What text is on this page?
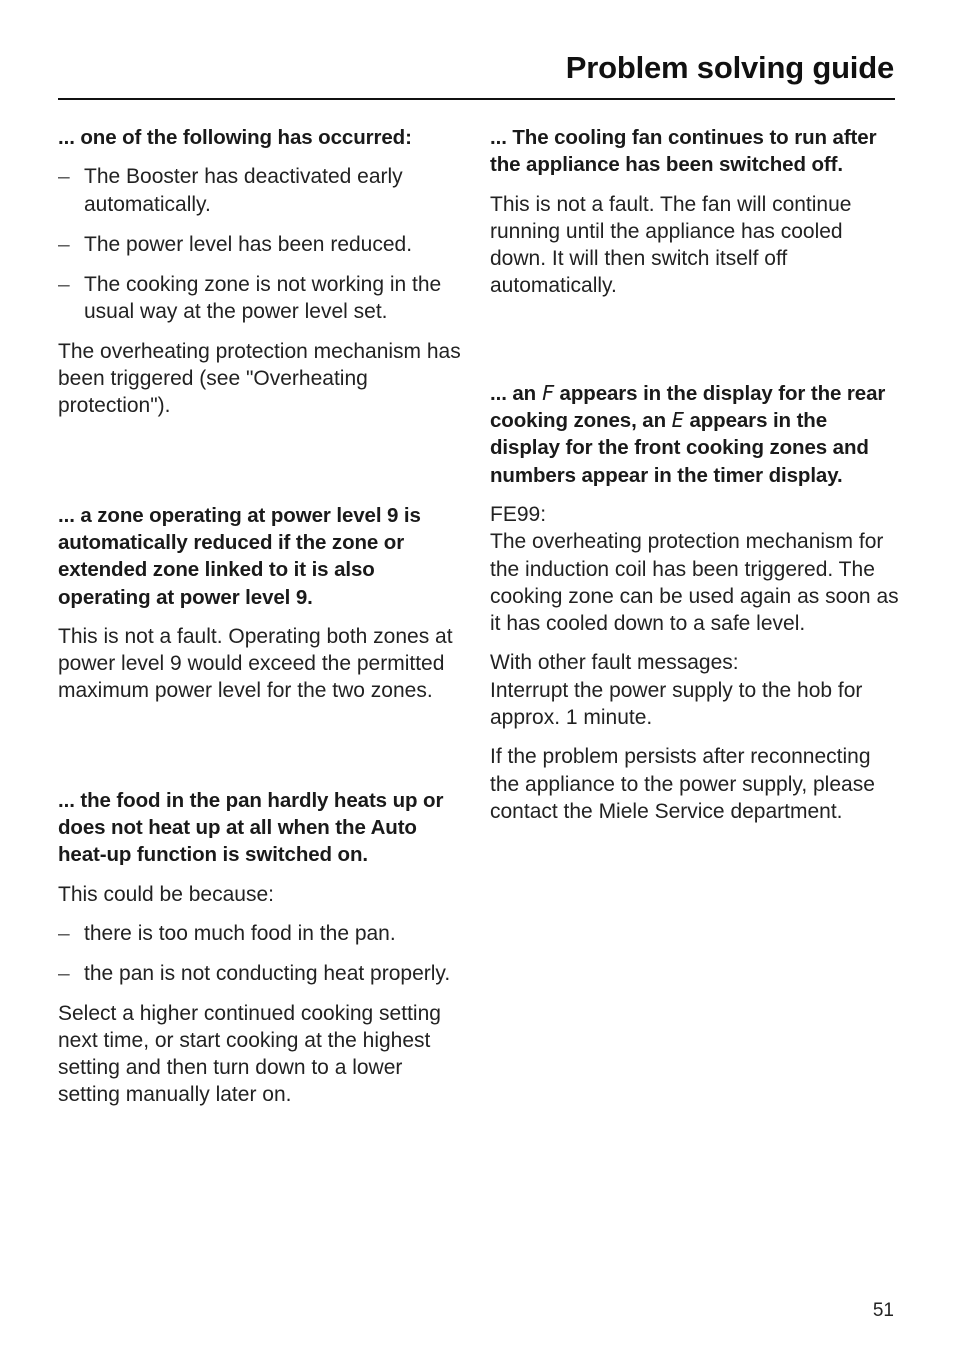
Problem solving guide

... one of the following has occurred:

– The Booster has deactivated early automatically.
– The power level has been reduced.
– The cooking zone is not working in the usual way at the power level set.

The overheating protection mechanism has been triggered (see "Overheating protection").

... a zone operating at power level 9 is automatically reduced if the zone or extended zone linked to it is also operating at power level 9.

This is not a fault. Operating both zones at power level 9 would exceed the permitted maximum power level for the two zones.

... the food in the pan hardly heats up or does not heat up at all when the Auto heat-up function is switched on.

This could be because:

– there is too much food in the pan.
– the pan is not conducting heat properly.

Select a higher continued cooking setting next time, or start cooking at the highest setting and then turn down to a lower setting manually later on.

... The cooling fan continues to run after the appliance has been switched off.

This is not a fault. The fan will continue running until the appliance has cooled down. It will then switch itself off automatically.

... an F appears in the display for the rear cooking zones, an E appears in the display for the front cooking zones and numbers appear in the timer display.

FE99:
The overheating protection mechanism for the induction coil has been triggered. The cooking zone can be used again as soon as it has cooled down to a safe level.

With other fault messages:
Interrupt the power supply to the hob for approx. 1 minute.

If the problem persists after reconnecting the appliance to the power supply, please contact the Miele Service department.

51
